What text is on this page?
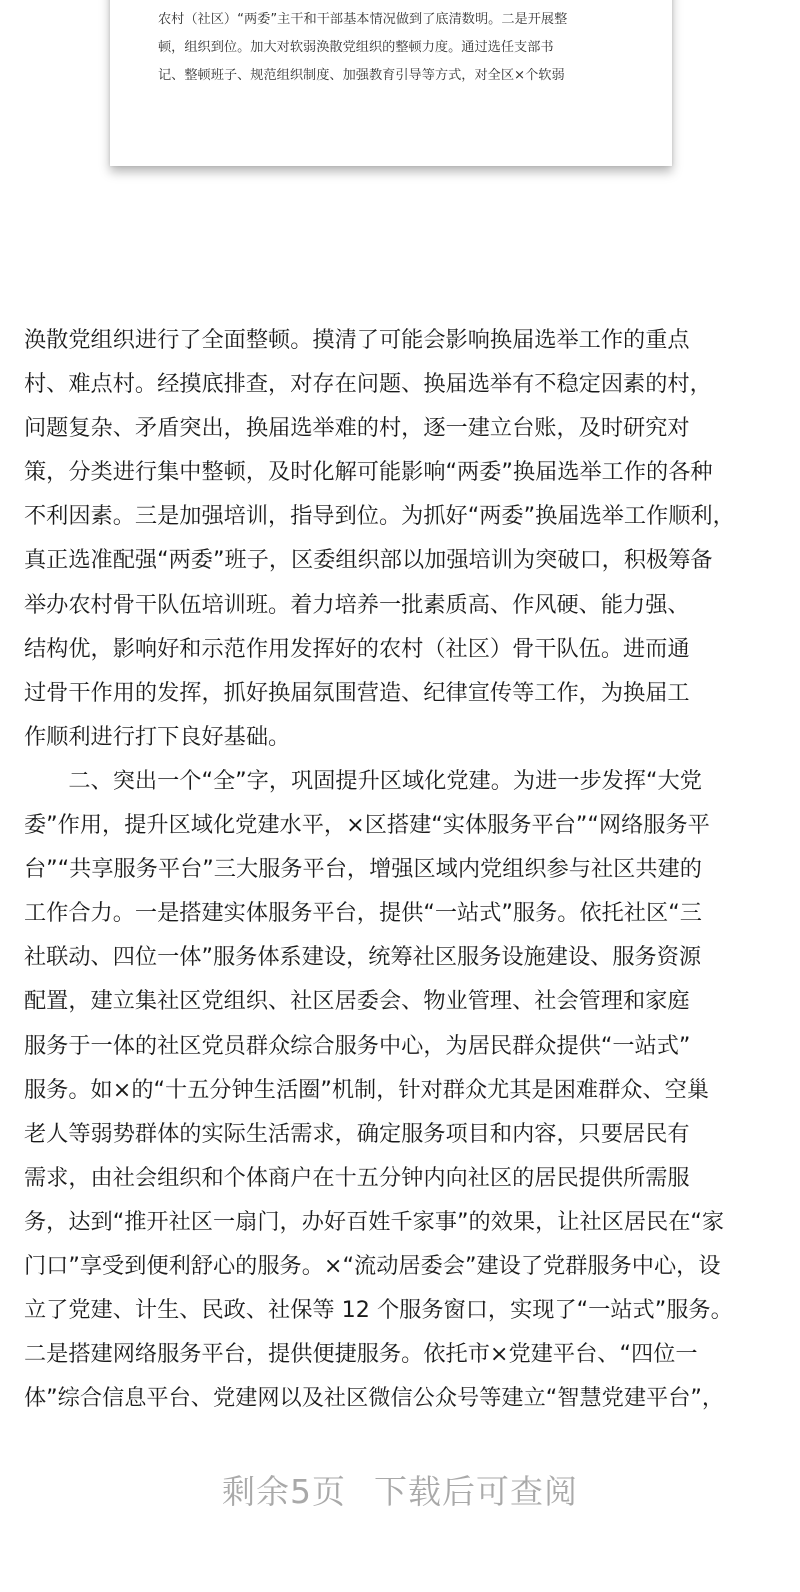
农村（社区）“两委”主干和干部基本情况做到了底清数明。二是开展整
顿，组织到位。加大对软弱涣散党组织的整顿力度。通过选任支部书
记、整顿班子、规范组织制度、加强教育引导等方式，对全区×个软弱
涣散党组织进行了全面整顿。摸清了可能会影响换届选举工作的重点
村、难点村。经摸底排查，对存在问题、换届选举有不稳定因素的村，
问题复杂、矛盾突出，换届选举难的村，逐一建立台账，及时研究对
策，分类进行集中整顿，及时化解可能影响“两委”换届选举工作的各种
不利因素。三是加强培训，指导到位。为抓好“两委”换届选举工作顺利，
真正选准配强“两委”班子，区委组织部以加强培训为突破口，积极筹备
举办农村骨干队伍培训班。着力培养一批素质高、作风硬、能力强、
结构优，影响好和示范作用发挥好的农村（社区）骨干队伍。进而通
过骨干作用的发挥，抓好换届氛围营造、纪律宣传等工作，为换届工
作顺利进行打下良好基础。
　　二、突出一个“全”字，巩固提升区域化党建。为进一步发挥“大党
委”作用，提升区域化党建水平，×区搭建“实体服务平台”“网络服务平
台”“共享服务平台”三大服务平台，增强区域内党组织参与社区共建的
工作合力。一是搭建实体服务平台，提供“一站式”服务。依托社区“三
社联动、四位一体”服务体系建设，统筹社区服务设施建设、服务资源
配置，建立集社区党组织、社区居委会、物业管理、社会管理和家庭
服务于一体的社区党员群众综合服务中心，为居民群众提供“一站式”
服务。如×的“十五分钟生活圈”机制，针对群众尤其是困难群众、空巢
老人等弱势群体的实际生活需求，确定服务项目和内容，只要居民有
需求，由社会组织和个体商户在十五分钟内向社区的居民提供所需服
务，达到“推开社区一扇门，办好百姓千家事”的效果，让社区居民在“家
门口”享受到便利舒心的服务。×“流动居委会”建设了党群服务中心，设
立了党建、计生、民政、社保等 12 个服务窗口，实现了“一站式”服务。
二是搭建网络服务平台，提供便捷服务。依托市×党建平台、“四位一
体”综合信息平台、党建网以及社区微信公众号等建立“智慧党建平台”，
剩余5页 下载后可查阅
